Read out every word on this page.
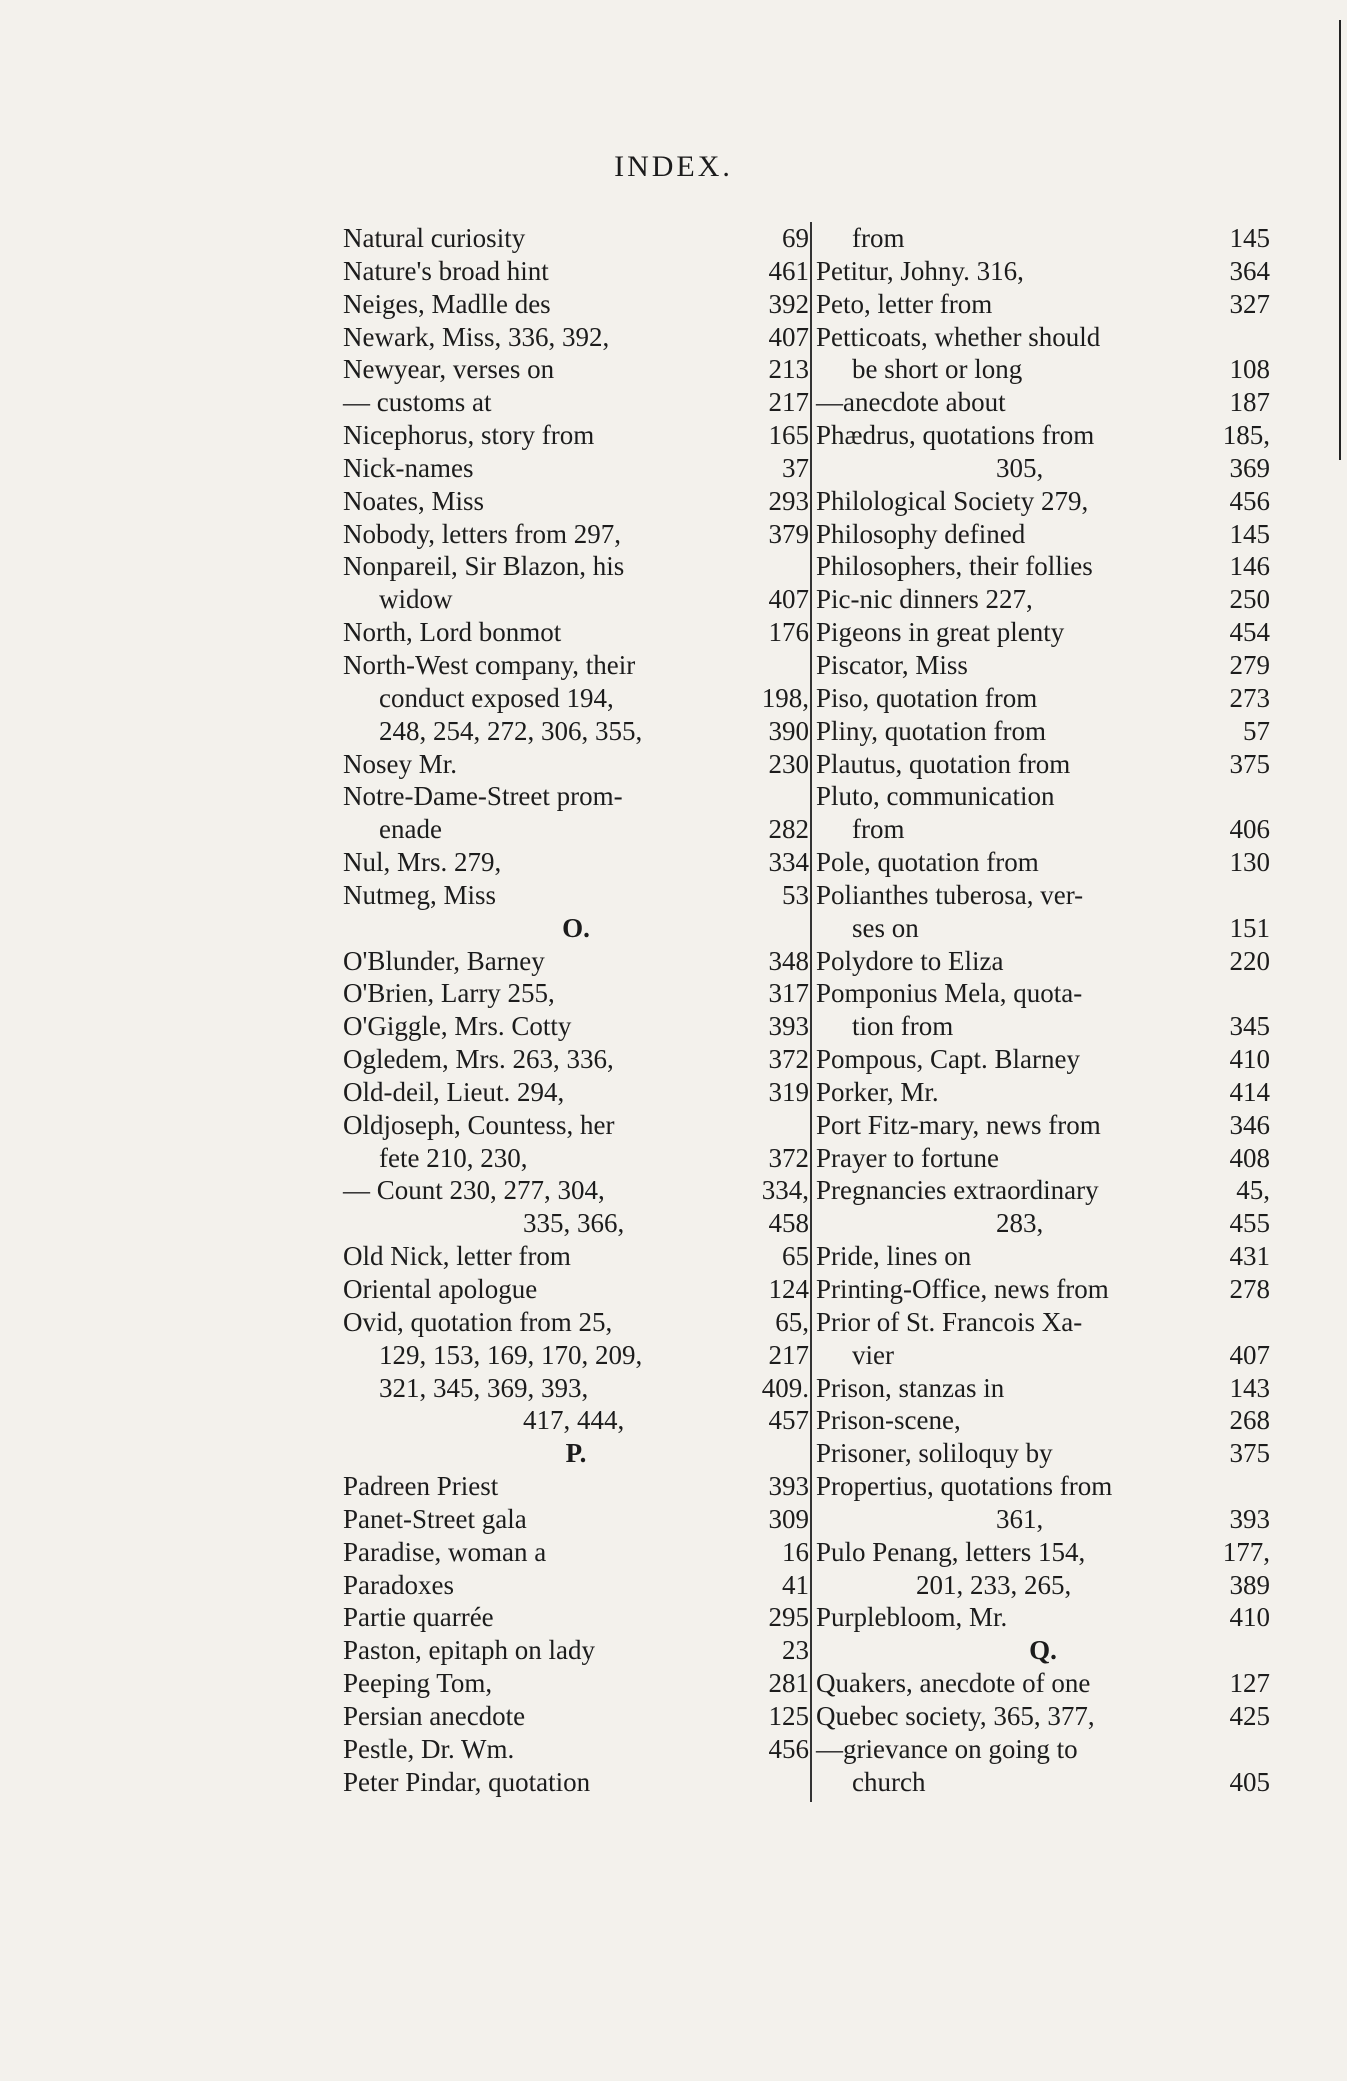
INDEX.
Natural curiosity	69
Nature's broad hint	461
Neiges, Madlle des	392
Newark, Miss, 336, 392,	407
Newyear, verses on	213
— customs at	217
Nicephorus, story from	165
Nick-names	37
Noates, Miss	293
Nobody, letters from 297,	379
Nonpareil, Sir Blazon, his
widow	407
North, Lord bonmot	176
North-West company, their
conduct exposed 194,	198,
248, 254, 272, 306, 355,	390
Nosey Mr.	230
Notre-Dame-Street prom-
enade	282
Nul, Mrs. 279,	334
Nutmeg, Miss	53
O.
O'Blunder, Barney	348
O'Brien, Larry 255,	317
O'Giggle, Mrs. Cotty	393
Ogledem, Mrs. 263, 336,	372
Old-deil, Lieut. 294,	319
Oldjoseph, Countess, her
fete 210, 230,	372
— Count 230, 277, 304,	334,
335, 366,	458
Old Nick, letter from	65
Oriental apologue	124
Ovid, quotation from 25,	65,
129, 153, 169, 170, 209,	217
321, 345, 369, 393,	409.
417, 444,	457
P.
Padreen Priest	393
Panet-Street gala	309
Paradise, woman a	16
Paradoxes	41
Partie quarrée	295
Paston, epitaph on lady	23
Peeping Tom,	281
Persian anecdote	125
Pestle, Dr. Wm.	456
Peter Pindar, quotation
from	145
Petitur, Johny. 316,	364
Peto, letter from	327
Petticoats, whether should
be short or long	108
—anecdote about	187
Phædrus, quotations from	185,
305,	369
Philological Society 279,	456
Philosophy defined	145
Philosophers, their follies	146
Pic-nic dinners 227,	250
Pigeons in great plenty	454
Piscator, Miss	279
Piso, quotation from	273
Pliny, quotation from	57
Plautus, quotation from	375
Pluto, communication
from	406
Pole, quotation from	130
Polianthes tuberosa, ver-
ses on	151
Polydore to Eliza	220
Pomponius Mela, quota-
tion from	345
Pompous, Capt. Blarney	410
Porker, Mr.	414
Port Fitz-mary, news from	346
Prayer to fortune	408
Pregnancies extraordinary	45,
283,	455
Pride, lines on	431
Printing-Office, news from	278
Prior of St. Francois Xa-
vier	407
Prison, stanzas in	143
Prison-scene,	268
Prisoner, soliloquy by	375
Propertius, quotations from
361,	393
Pulo Penang, letters 154,	177,
201, 233, 265,	389
Purplebloom, Mr.	410
Q.
Quakers, anecdote of one	127
Quebec society, 365, 377,	425
—grievance on going to
church	405
